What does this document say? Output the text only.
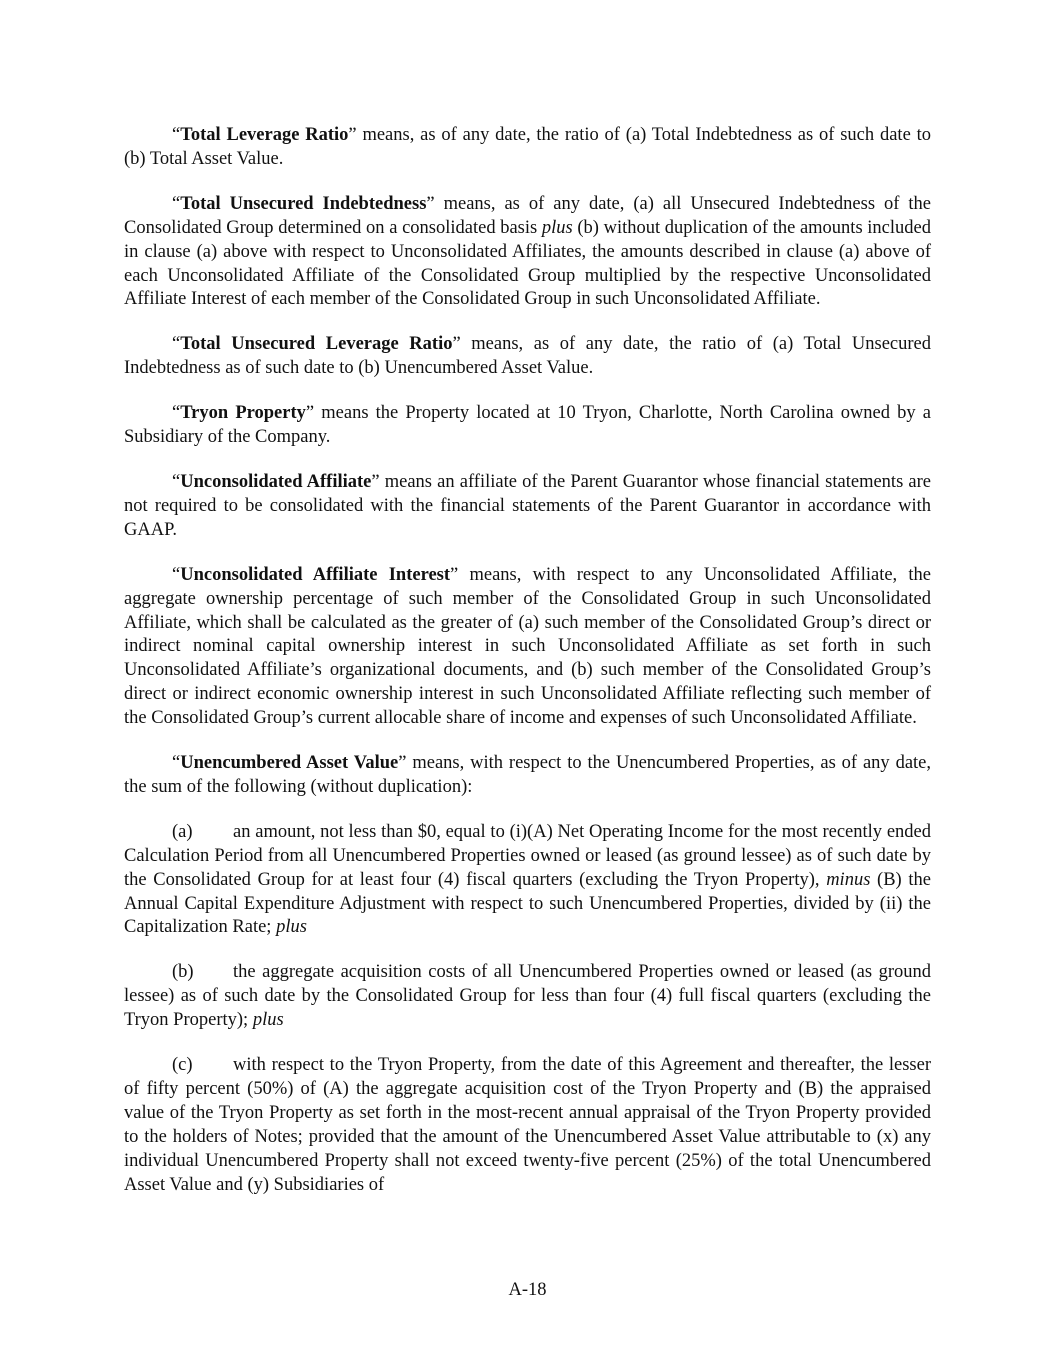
“Total Leverage Ratio” means, as of any date, the ratio of (a) Total Indebtedness as of such date to (b) Total Asset Value.

“Total Unsecured Indebtedness” means, as of any date, (a) all Unsecured Indebtedness of the Consolidated Group determined on a consolidated basis plus (b) without duplication of the amounts included in clause (a) above with respect to Unconsolidated Affiliates, the amounts described in clause (a) above of each Unconsolidated Affiliate of the Consolidated Group multiplied by the respective Unconsolidated Affiliate Interest of each member of the Consolidated Group in such Unconsolidated Affiliate.

“Total Unsecured Leverage Ratio” means, as of any date, the ratio of (a) Total Unsecured Indebtedness as of such date to (b) Unencumbered Asset Value.

“Tryon Property” means the Property located at 10 Tryon, Charlotte, North Carolina owned by a Subsidiary of the Company.

“Unconsolidated Affiliate” means an affiliate of the Parent Guarantor whose financial statements are not required to be consolidated with the financial statements of the Parent Guarantor in accordance with GAAP.

“Unconsolidated Affiliate Interest” means, with respect to any Unconsolidated Affiliate, the aggregate ownership percentage of such member of the Consolidated Group in such Unconsolidated Affiliate, which shall be calculated as the greater of (a) such member of the Consolidated Group’s direct or indirect nominal capital ownership interest in such Unconsolidated Affiliate as set forth in such Unconsolidated Affiliate’s organizational documents, and (b) such member of the Consolidated Group’s direct or indirect economic ownership interest in such Unconsolidated Affiliate reflecting such member of the Consolidated Group’s current allocable share of income and expenses of such Unconsolidated Affiliate.

“Unencumbered Asset Value” means, with respect to the Unencumbered Properties, as of any date, the sum of the following (without duplication):

(a) an amount, not less than $0, equal to (i)(A) Net Operating Income for the most recently ended Calculation Period from all Unencumbered Properties owned or leased (as ground lessee) as of such date by the Consolidated Group for at least four (4) fiscal quarters (excluding the Tryon Property), minus (B) the Annual Capital Expenditure Adjustment with respect to such Unencumbered Properties, divided by (ii) the Capitalization Rate; plus

(b) the aggregate acquisition costs of all Unencumbered Properties owned or leased (as ground lessee) as of such date by the Consolidated Group for less than four (4) full fiscal quarters (excluding the Tryon Property); plus

(c) with respect to the Tryon Property, from the date of this Agreement and thereafter, the lesser of fifty percent (50%) of (A) the aggregate acquisition cost of the Tryon Property and (B) the appraised value of the Tryon Property as set forth in the most-recent annual appraisal of the Tryon Property provided to the holders of Notes; provided that the amount of the Unencumbered Asset Value attributable to (x) any individual Unencumbered Property shall not exceed twenty-five percent (25%) of the total Unencumbered Asset Value and (y) Subsidiaries of

A-18
